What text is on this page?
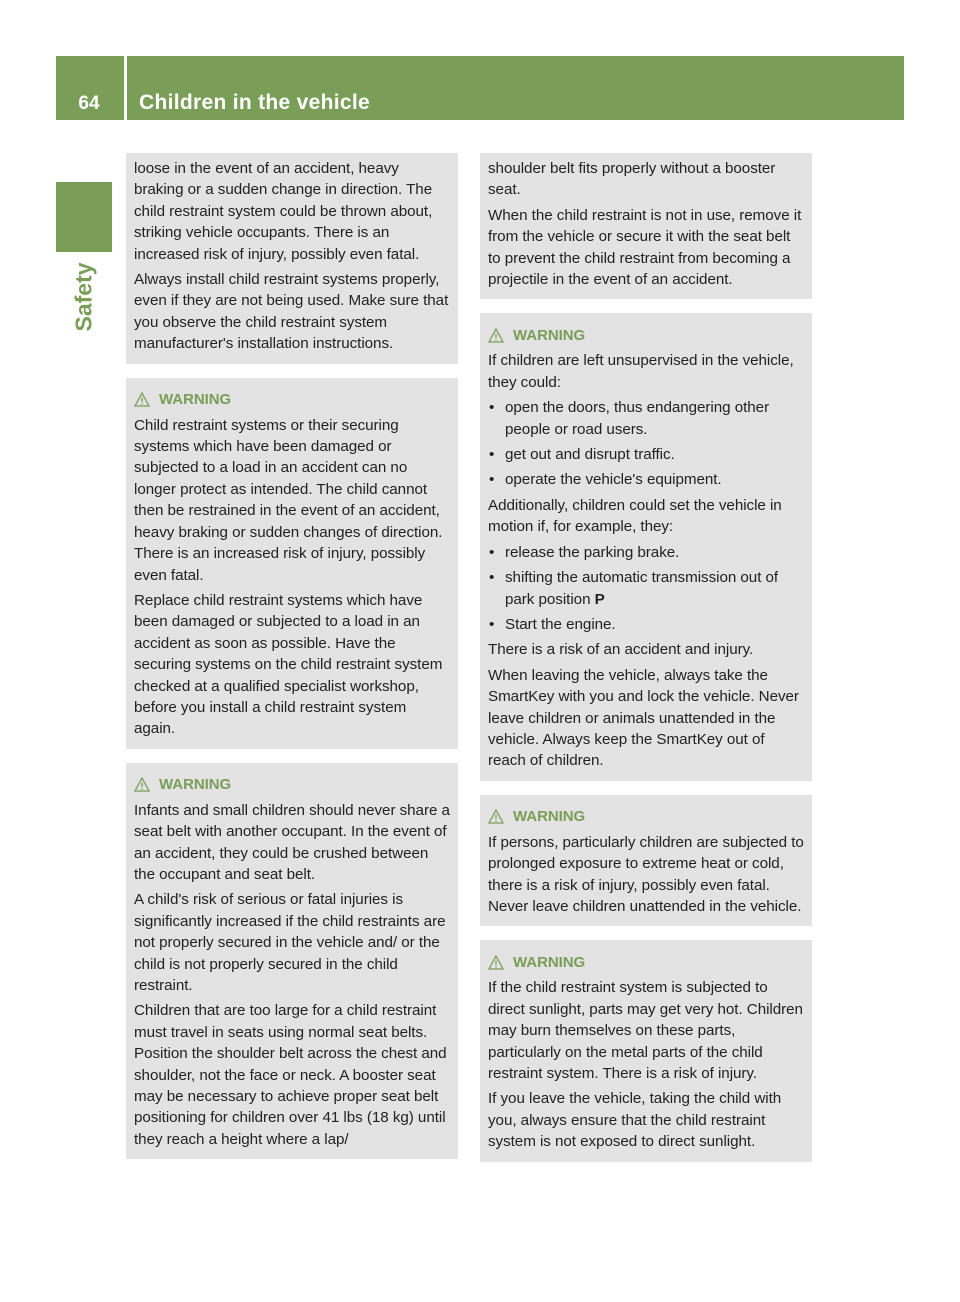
64	Children in the vehicle
Safety

loose in the event of an accident, heavy braking or a sudden change in direction. The child restraint system could be thrown about, striking vehicle occupants. There is an increased risk of injury, possibly even fatal.

Always install child restraint systems properly, even if they are not being used. Make sure that you observe the child restraint system manufacturer's installation instructions.

WARNING

Child restraint systems or their securing systems which have been damaged or subjected to a load in an accident can no longer protect as intended. The child cannot then be restrained in the event of an accident, heavy braking or sudden changes of direction. There is an increased risk of injury, possibly even fatal.

Replace child restraint systems which have been damaged or subjected to a load in an accident as soon as possible. Have the securing systems on the child restraint system checked at a qualified specialist workshop, before you install a child restraint system again.

WARNING

Infants and small children should never share a seat belt with another occupant. In the event of an accident, they could be crushed between the occupant and seat belt.

A child's risk of serious or fatal injuries is significantly increased if the child restraints are not properly secured in the vehicle and/ or the child is not properly secured in the child restraint.

Children that are too large for a child restraint must travel in seats using normal seat belts. Position the shoulder belt across the chest and shoulder, not the face or neck. A booster seat may be necessary to achieve proper seat belt positioning for children over 41 lbs (18 kg) until they reach a height where a lap/

shoulder belt fits properly without a booster seat.

When the child restraint is not in use, remove it from the vehicle or secure it with the seat belt to prevent the child restraint from becoming a projectile in the event of an accident.

WARNING

If children are left unsupervised in the vehicle, they could:

• open the doors, thus endangering other people or road users.
• get out and disrupt traffic.
• operate the vehicle's equipment.

Additionally, children could set the vehicle in motion if, for example, they:

• release the parking brake.
• shifting the automatic transmission out of park position P
• Start the engine.

There is a risk of an accident and injury.

When leaving the vehicle, always take the SmartKey with you and lock the vehicle. Never leave children or animals unattended in the vehicle. Always keep the SmartKey out of reach of children.

WARNING

If persons, particularly children are subjected to prolonged exposure to extreme heat or cold, there is a risk of injury, possibly even fatal. Never leave children unattended in the vehicle.

WARNING

If the child restraint system is subjected to direct sunlight, parts may get very hot. Children may burn themselves on these parts, particularly on the metal parts of the child restraint system. There is a risk of injury.

If you leave the vehicle, taking the child with you, always ensure that the child restraint system is not exposed to direct sunlight.
